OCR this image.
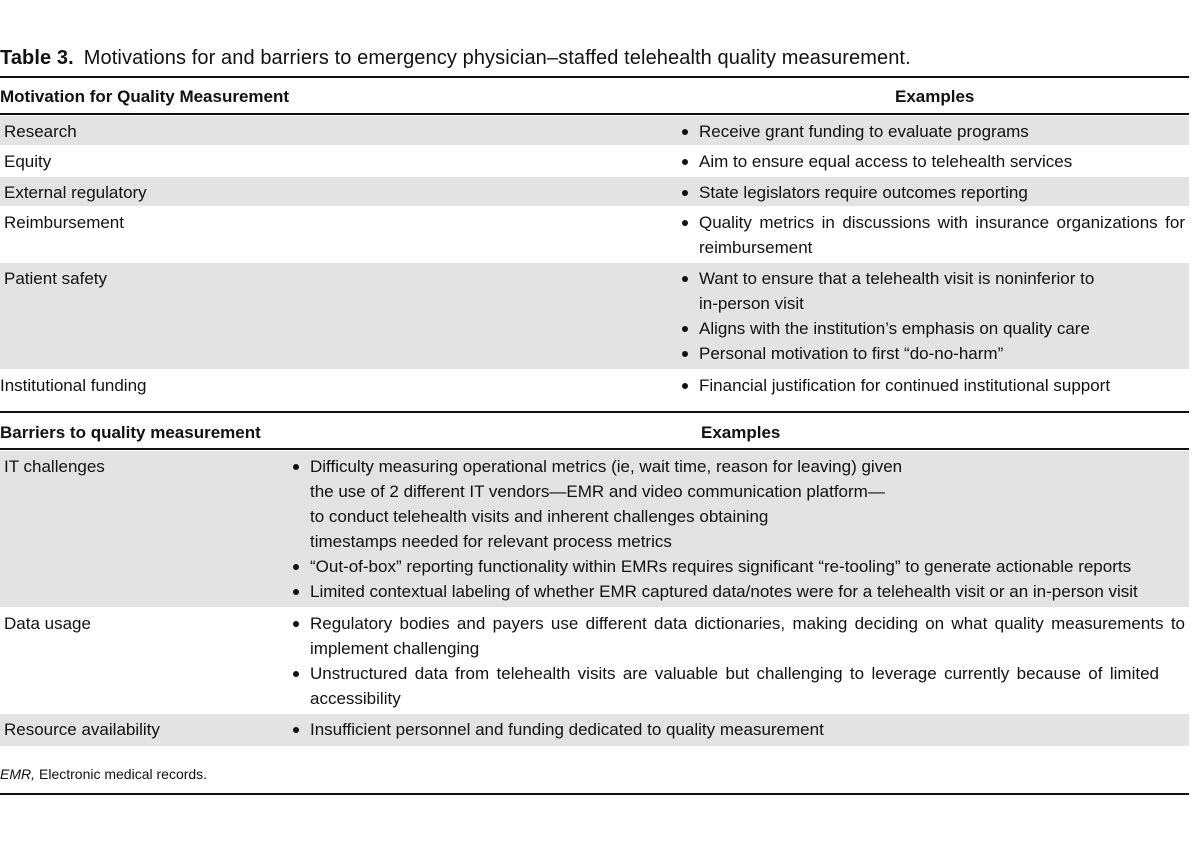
Table 3. Motivations for and barriers to emergency physician–staffed telehealth quality measurement.
Motivation for Quality Measurement	Examples
Research	Receive grant funding to evaluate programs
Equity	Aim to ensure equal access to telehealth services
External regulatory	State legislators require outcomes reporting
Reimbursement	Quality metrics in discussions with insurance organizations for
reimbursement
Patient safety	Want to ensure that a telehealth visit is noninferior to
in-person visit
Aligns with the institution’s emphasis on quality care
Personal motivation to first “do-no-harm”
Institutional funding	Financial justification for continued institutional support
Barriers to quality measurement	Examples
IT challenges	Difficulty measuring operational metrics (ie, wait time, reason for leaving) given
the use of 2 different IT vendors—EMR and video communication platform—
to conduct telehealth visits and inherent challenges obtaining
timestamps needed for relevant process metrics
“Out-of-box” reporting functionality within EMRs requires significant “re-tooling” to generate actionable reports
Limited contextual labeling of whether EMR captured data/notes were for a telehealth visit or an in-person visit
Data usage	Regulatory bodies and payers use different data dictionaries, making deciding on what quality measurements to
implement challenging
Unstructured data from telehealth visits are valuable but challenging to leverage currently because of limited
accessibility
Resource availability	Insufficient personnel and funding dedicated to quality measurement
EMR, Electronic medical records.
